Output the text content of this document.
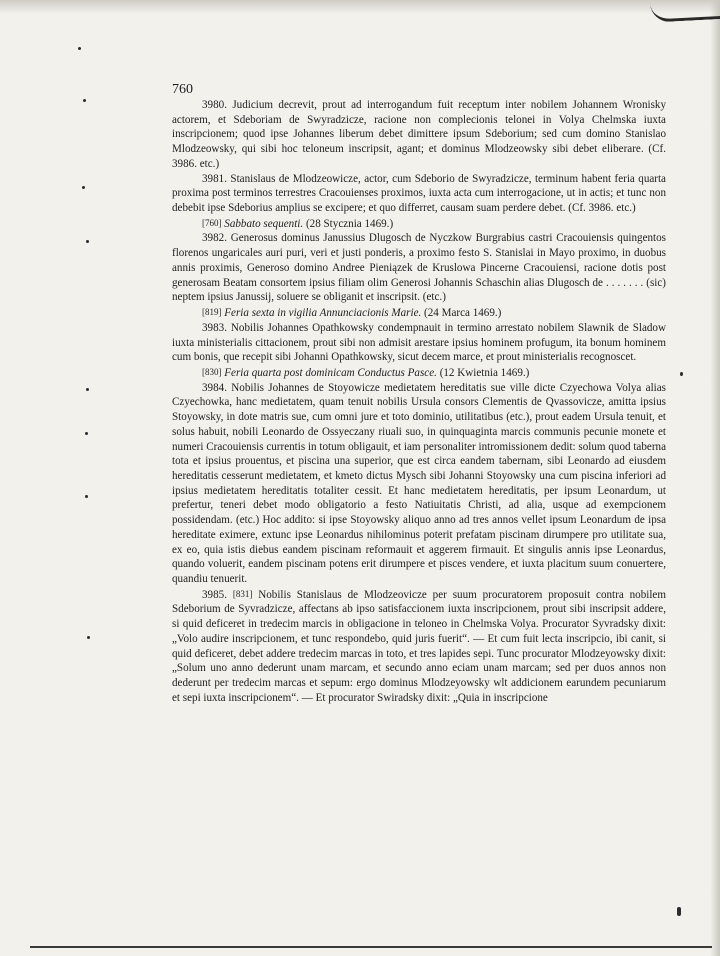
760

3980. Judicium decrevit, prout ad interrogandum fuit receptum inter nobilem Johannem Wronisky actorem, et Sdeboriam de Swyradzicze, racione non complecionis teloneі in Volya Chelmska iuxta inscripcionem; quod ipse Johannes liberum debet dimittere ipsum Sdeborium; sed cum domino Stanislao Mlodzeowsky, qui sibi hoc teloneum inscripsit, agant; et dominus Mlodzeowsky sibi debet eliberare. (Cf. 3986. etc.)

3981. Stanislaus de Mlodzeowicze, actor, cum Sdeborio de Swyradzicze, terminum habent feria quarta proxima post terminos terrestres Cracouienses proximos, iuxta acta cum interrogacione, ut in actis; et tunc non debebit ipse Sdeborius amplius se excipere; et quo differret, causam suam perdere debet. (Cf. 3986. etc.)

[760] Sabbato sequenti. (28 Stycznia 1469.)

3982. Generosus dominus Janussius Dlugosch de Nyczkow Burgrabius castri Cracouiensis quingentos florenos ungaricales auri puri, veri et justi ponderis, a proximo festo S. Stanislai in Mayo proximo, in duobus annis proximis, Generoso domino Andree Pieniązek de Kruslowa Pincerne Cracouiensi, racione dotis post generosam Beatam consortem ipsius filiam olim Generosi Johannis Schaschin alias Dlugosch de . . . . . . . (sic) neptem ipsius Janussij, soluere se obliganit et inscripsit. (etc.)

[819] Feria sexta in vigilia Annunciacionis Marie. (24 Marca 1469.)

3983. Nobilis Johannes Opathkowsky condempnauit in termino arrestato nobilem Slawnik de Sladow iuxta ministerialis cittacionem, prout sibi non admisit arestare ipsius hominem profugum, ita bonum hominem cum bonis, que recepit sibi Johanni Opathkowsky, sicut decem marce, et prout ministerialis recognoscet.

[830] Feria quarta post dominicam Conductus Pasce. (12 Kwietnia 1469.)

3984. Nobilis Johannes de Stoyowicze medietatem hereditatis sue ville dicte Czyechowa Volya alias Czyechowka, hanc medietatem, quam tenuit nobilis Ursula consors Clementis de Qvassovicze, amitta ipsius Stoyowsky, in dote matris sue, cum omni jure et toto dominio, utilitatibus (etc.), prout eadem Ursula tenuit, et solus habuit, nobili Leonardo de Ossyeczany riuali suo, in quinquaginta marcis communis pecunie monete et numeri Cracouiensis currentis in totum obligauit, et iam personaliter intromissionem dedit: solum quod taberna tota et ipsius prouentus, et piscina una superior, que est circa eandem tabernam, sibi Leonardo ad eiusdem hereditatis cesserunt medietatem, et kmeto dictus Mysch sibi Johanni Stoyowsky una cum piscina inferiori ad ipsius medietatem hereditatis totaliter cessit. Et hanc medietatem hereditatis, per ipsum Leonardum, ut prefertur, teneri debet modo obligatorio a festo Natiuitatis Christi, ad alia, usque ad exempcionem possidendam. (etc.) Hoc addito: si ipse Stoyowsky aliquo anno ad tres annos vellet ipsum Leonardum de ipsa hereditate eximere, extunc ipse Leonardus nihilominus poterit prefatam piscinam dirumpere pro utilitate sua, ex eo, quia istis diebus eandem piscinam reformauit et aggerem firmauit. Et singulis annis ipse Leonardus, quando voluerit, eandem piscinam potens erit dirumpere et pisces vendere, et iuxta placitum suum conuertere, quandiu tenuerit.

3985. [831] Nobilis Stanislaus de Mlodzeovicze per suum procuratorem proposuit contra nobilem Sdeborium de Syvradzicze, affectans ab ipso satisfaccionem iuxta inscripcionem, prout sibi inscripsit addere, si quid deficeret in tredecim marcis in obligacione in teloneo in Chelmska Volya. Procurator Syvradsky dixit: „Volo audire inscripcionem, et tunc respondebo, quid juris fuerit“. — Et cum fuit lecta inscripcio, ibi canit, si quid deficeret, debet addere tredecim marcas in toto, et tres lapides sepi. Tunc procurator Mlodzeyowsky dixit: „Solum uno anno dederunt unam marcam, et secundo anno eciam unam marcam; sed per duos annos non dederunt per tredecim marcas et sepum: ergo dominus Mlodzeyowsky wlt addicionem earundem pecuniarum et sepi iuxta inscripcionem“. — Et procurator Swiradsky dixit: „Quia in inscripcione
